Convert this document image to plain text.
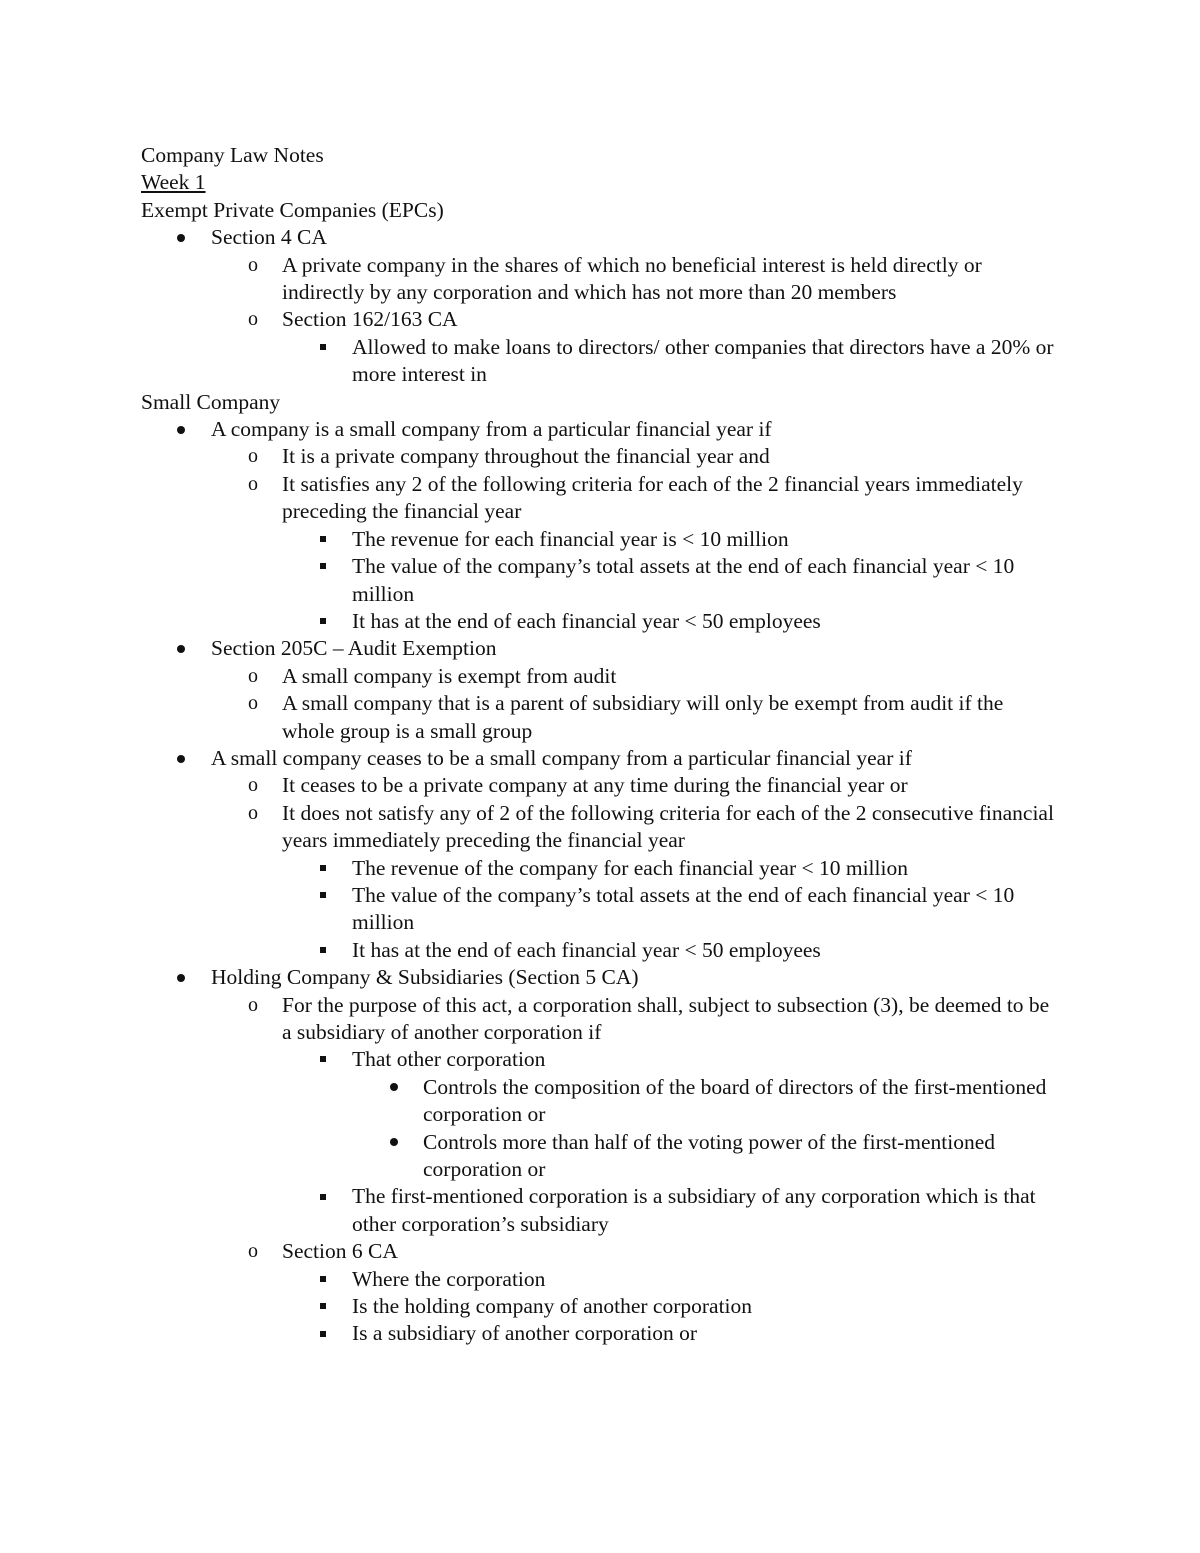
Company Law Notes

Week 1

Exempt Private Companies (EPCs)

Section 4 CA
o A private company in the shares of which no beneficial interest is held directly or indirectly by any corporation and which has not more than 20 members
o Section 162/163 CA
Allowed to make loans to directors/ other companies that directors have a 20% or more interest in

Small Company

A company is a small company from a particular financial year if
o It is a private company throughout the financial year and
o It satisfies any 2 of the following criteria for each of the 2 financial years immediately preceding the financial year
The revenue for each financial year is < 10 million
The value of the company’s total assets at the end of each financial year < 10 million
It has at the end of each financial year < 50 employees
Section 205C – Audit Exemption
o A small company is exempt from audit
o A small company that is a parent of subsidiary will only be exempt from audit if the whole group is a small group
A small company ceases to be a small company from a particular financial year if
o It ceases to be a private company at any time during the financial year or
o It does not satisfy any of 2 of the following criteria for each of the 2 consecutive financial years immediately preceding the financial year
The revenue of the company for each financial year < 10 million
The value of the company’s total assets at the end of each financial year < 10 million
It has at the end of each financial year < 50 employees
Holding Company & Subsidiaries (Section 5 CA)
o For the purpose of this act, a corporation shall, subject to subsection (3), be deemed to be a subsidiary of another corporation if
That other corporation
Controls the composition of the board of directors of the first-mentioned corporation or
Controls more than half of the voting power of the first-mentioned corporation or
The first-mentioned corporation is a subsidiary of any corporation which is that other corporation’s subsidiary
o Section 6 CA
Where the corporation
Is the holding company of another corporation
Is a subsidiary of another corporation or
